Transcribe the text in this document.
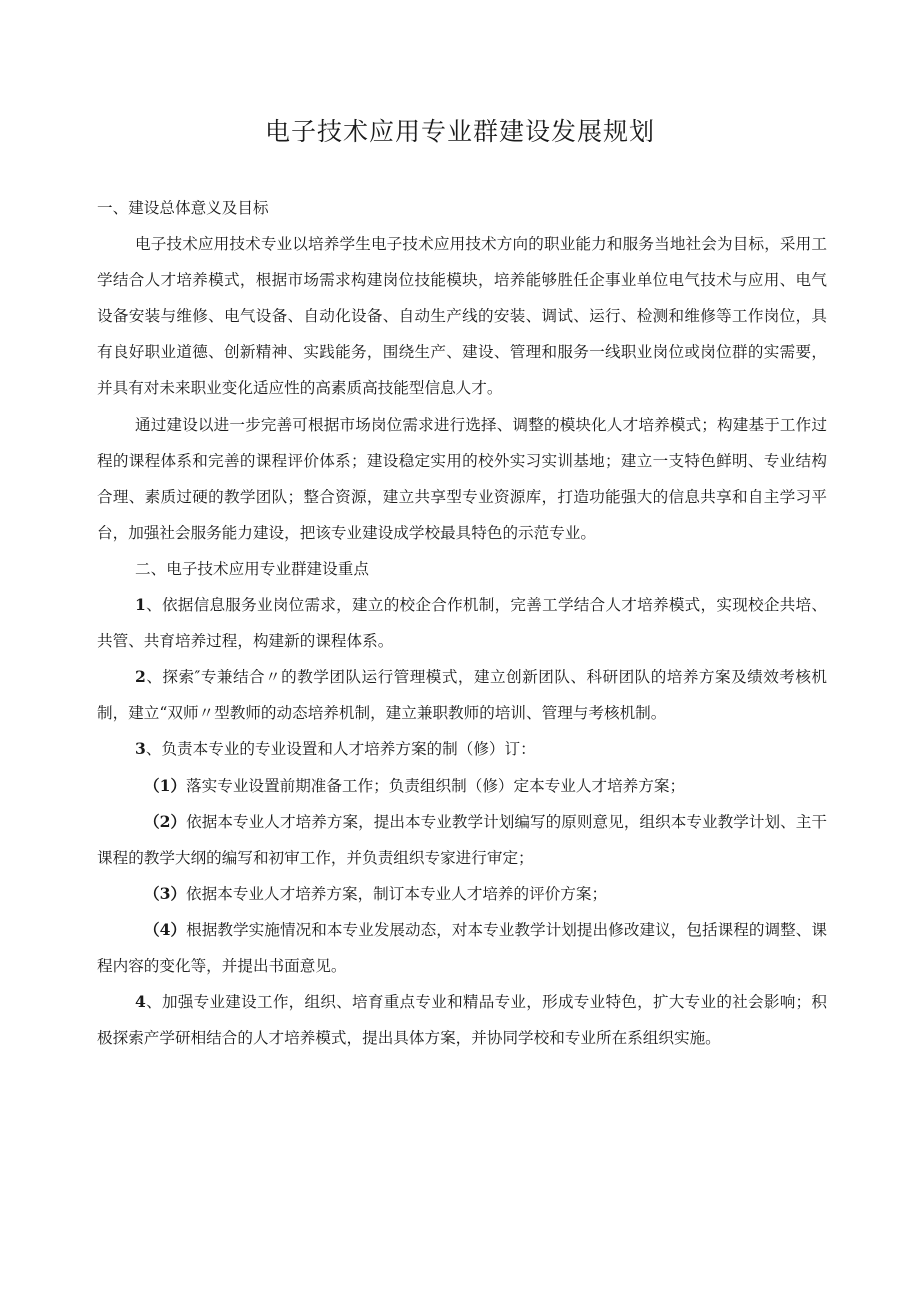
电子技术应用专业群建设发展规划

一、建设总体意义及目标

电子技术应用技术专业以培养学生电子技术应用技术方向的职业能力和服务当地社会为目标，采用工学结合人才培养模式，根据市场需求构建岗位技能模块，培养能够胜任企事业单位电气技术与应用、电气设备安装与维修、电气设备、自动化设备、自动生产线的安装、调试、运行、检测和维修等工作岗位，具有良好职业道德、创新精神、实践能务，围绕生产、建设、管理和服务一线职业岗位或岗位群的实需要，并具有对未来职业变化适应性的高素质高技能型信息人才。

通过建设以进一步完善可根据市场岗位需求进行选择、调整的模块化人才培养模式；构建基于工作过程的课程体系和完善的课程评价体系；建设稳定实用的校外实习实训基地；建立一支特色鲜明、专业结构合理、素质过硬的教学团队；整合资源，建立共享型专业资源库，打造功能强大的信息共享和自主学习平台，加强社会服务能力建设，把该专业建设成学校最具特色的示范专业。

二、电子技术应用专业群建设重点

1、依据信息服务业岗位需求，建立的校企合作机制，完善工学结合人才培养模式，实现校企共培、共管、共育培养过程，构建新的课程体系。

2、探索″专兼结合〃的教学团队运行管理模式，建立创新团队、科研团队的培养方案及绩效考核机制，建立“双师〃型教师的动态培养机制，建立兼职教师的培训、管理与考核机制。

3、负责本专业的专业设置和人才培养方案的制（修）订：

（1）落实专业设置前期准备工作；负责组织制（修）定本专业人才培养方案；

（2）依据本专业人才培养方案，提出本专业教学计划编写的原则意见，组织本专业教学计划、主干课程的教学大纲的编写和初审工作，并负责组织专家进行审定；

（3）依据本专业人才培养方案，制订本专业人才培养的评价方案；

（4）根据教学实施情况和本专业发展动态，对本专业教学计划提出修改建议，包括课程的调整、课程内容的变化等，并提出书面意见。

4、加强专业建设工作，组织、培育重点专业和精品专业，形成专业特色，扩大专业的社会影响；积极探索产学研相结合的人才培养模式，提出具体方案，并协同学校和专业所在系组织实施。
